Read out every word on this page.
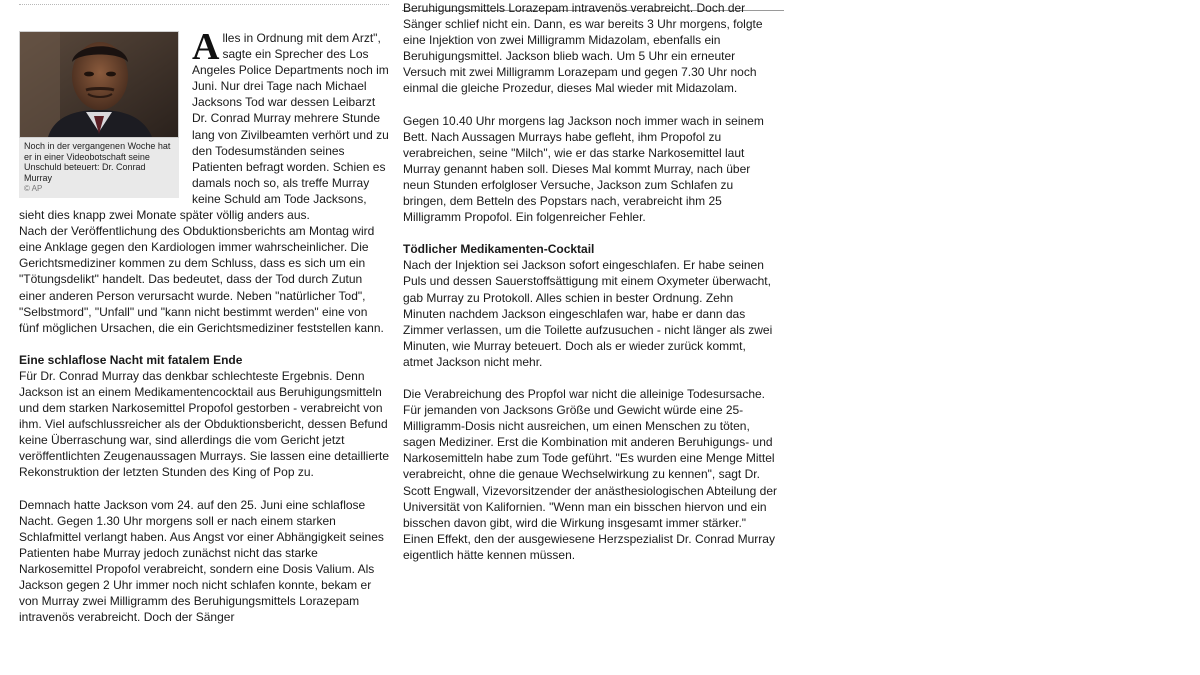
Noch in der vergangenen Woche hat er in einer Videobotschaft seine Unschuld beteuert: Dr. Conrad Murray
© AP
Alles in Ordnung mit dem Arzt", sagte ein Sprecher des Los Angeles Police Departments noch im Juni. Nur drei Tage nach Michael Jacksons Tod war dessen Leibarzt Dr. Conrad Murray mehrere Stunde lang von Zivilbeamten verhört und zu den Todesumständen seines Patienten befragt worden. Schien es damals noch so, als treffe Murray keine Schuld am Tode Jacksons, sieht dies knapp zwei Monate später völlig anders aus.

Nach der Veröffentlichung des Obduktionsberichts am Montag wird eine Anklage gegen den Kardiologen immer wahrscheinlicher. Die Gerichtsmediziner kommen zu dem Schluss, dass es sich um ein "Tötungsdelikt" handelt. Das bedeutet, dass der Tod durch Zutun einer anderen Person verursacht wurde. Neben "natürlicher Tod", "Selbstmord", "Unfall" und "kann nicht bestimmt werden" eine von fünf möglichen Ursachen, die ein Gerichtsmediziner feststellen kann.

Eine schlaflose Nacht mit fatalem Ende

Für Dr. Conrad Murray das denkbar schlechteste Ergebnis. Denn Jackson ist an einem Medikamentencocktail aus Beruhigungsmitteln und dem starken Narkosemittel Propofol gestorben - verabreicht von ihm. Viel aufschlussreicher als der Obduktionsbericht, dessen Befund keine Überraschung war, sind allerdings die vom Gericht jetzt veröffentlichten Zeugenaussagen Murrays. Sie lassen eine detaillierte Rekonstruktion der letzten Stunden des King of Pop zu.

Demnach hatte Jackson vom 24. auf den 25. Juni eine schlaflose Nacht. Gegen 1.30 Uhr morgens soll er nach einem starken Schlafmittel verlangt haben. Aus Angst vor einer Abhängigkeit seines Patienten habe Murray jedoch zunächst nicht das starke Narkosemittel Propofol verabreicht, sondern eine Dosis Valium. Als Jackson gegen 2 Uhr immer noch nicht schlafen konnte, bekam er von Murray zwei Milligramm des Beruhigungsmittels Lorazepam intravenös verabreicht. Doch der Sänger

Beruhigungsmittels Lorazepam intravenös verabreicht. Doch der Sänger schlief nicht ein. Dann, es war bereits 3 Uhr morgens, folgte eine Injektion von zwei Milligramm Midazolam, ebenfalls ein Beruhigungsmittel. Jackson blieb wach. Um 5 Uhr ein erneuter Versuch mit zwei Milligramm Lorazepam und gegen 7.30 Uhr noch einmal die gleiche Prozedur, dieses Mal wieder mit Midazolam.

Gegen 10.40 Uhr morgens lag Jackson noch immer wach in seinem Bett. Nach Aussagen Murrays habe gefleht, ihm Propofol zu verabreichen, seine "Milch", wie er das starke Narkosemittel laut Murray genannt haben soll. Dieses Mal kommt Murray, nach über neun Stunden erfolgloser Versuche, Jackson zum Schlafen zu bringen, dem Betteln des Popstars nach, verabreicht ihm 25 Milligramm Propofol. Ein folgenreicher Fehler.

Tödlicher Medikamenten-Cocktail

Nach der Injektion sei Jackson sofort eingeschlafen. Er habe seinen Puls und dessen Sauerstoffsättigung mit einem Oxymeter überwacht, gab Murray zu Protokoll. Alles schien in bester Ordnung. Zehn Minuten nachdem Jackson eingeschlafen war, habe er dann das Zimmer verlassen, um die Toilette aufzusuchen - nicht länger als zwei Minuten, wie Murray beteuert. Doch als er wieder zurück kommt, atmet Jackson nicht mehr.

Die Verabreichung des Propfol war nicht die alleinige Todesursache. Für jemanden von Jacksons Größe und Gewicht würde eine 25-Milligramm-Dosis nicht ausreichen, um einen Menschen zu töten, sagen Mediziner. Erst die Kombination mit anderen Beruhigungs- und Narkosemitteln habe zum Tode geführt. "Es wurden eine Menge Mittel verabreicht, ohne die genaue Wechselwirkung zu kennen", sagt Dr. Scott Engwall, Vizevorsitzender der anästhesiologischen Abteilung der Universität von Kalifornien. "Wenn man ein bisschen hiervon und ein bisschen davon gibt, wird die Wirkung insgesamt immer stärker." Einen Effekt, den der ausgewiesene Herzspezialist Dr. Conrad Murray eigentlich hätte kennen müssen.
